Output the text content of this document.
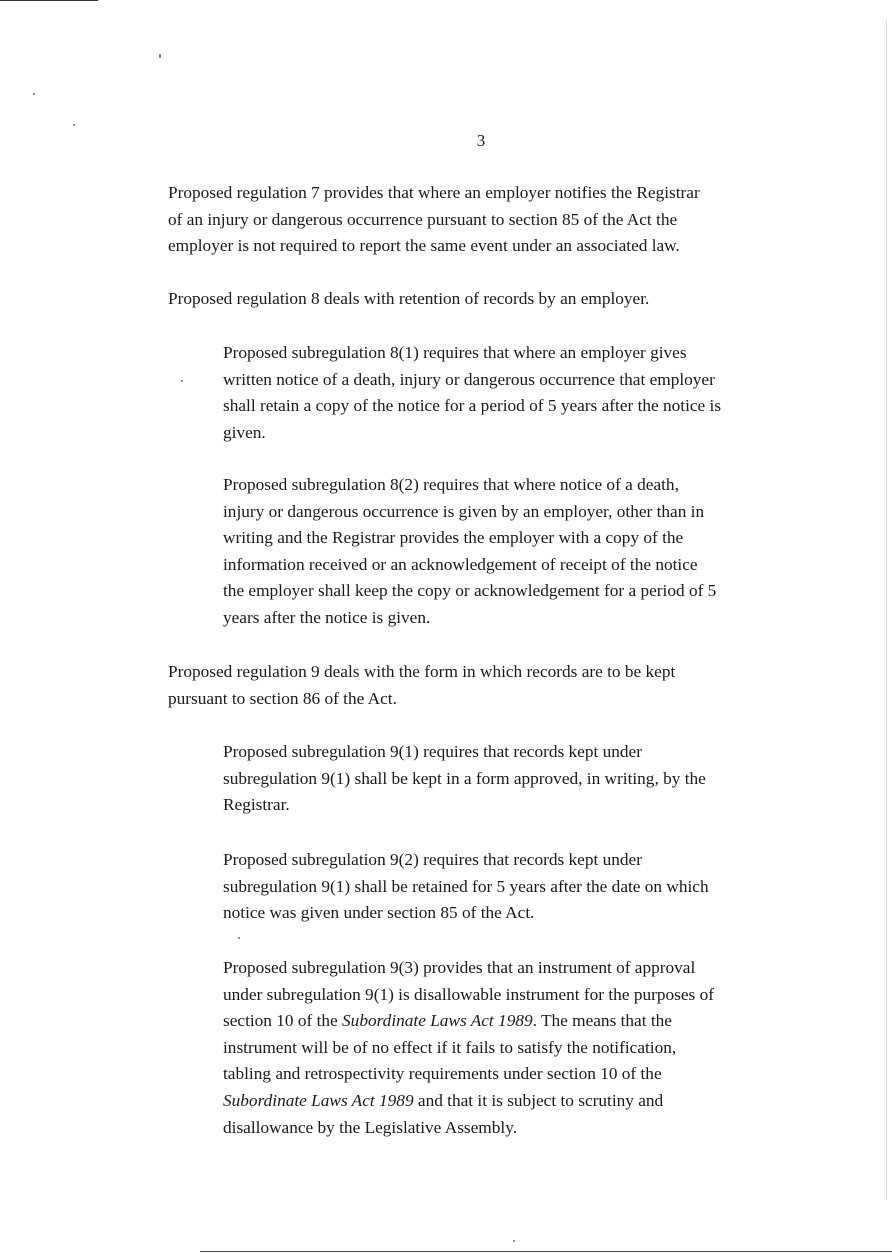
3

Proposed regulation 7 provides that where an employer notifies the Registrar
of an injury or dangerous occurrence pursuant to section 85 of the Act the
employer is not required to report the same event under an associated law.

Proposed regulation 8 deals with retention of records by an employer.

Proposed subregulation 8(1) requires that where an employer gives
written notice of a death, injury or dangerous occurrence that employer
shall retain a copy of the notice for a period of 5 years after the notice is
given.

Proposed subregulation 8(2) requires that where notice of a death,
injury or dangerous occurrence is given by an employer, other than in
writing and the Registrar provides the employer with a copy of the
information received or an acknowledgement of receipt of the notice
the employer shall keep the copy or acknowledgement for a period of 5
years after the notice is given.

Proposed regulation 9 deals with the form in which records are to be kept
pursuant to section 86 of the Act.

Proposed subregulation 9(1) requires that records kept under
subregulation 9(1) shall be kept in a form approved, in writing, by the
Registrar.

Proposed subregulation 9(2) requires that records kept under
subregulation 9(1) shall be retained for 5 years after the date on which
notice was given under section 85 of the Act.

Proposed subregulation 9(3) provides that an instrument of approval
under subregulation 9(1) is disallowable instrument for the purposes of
section 10 of the Subordinate Laws Act 1989. The means that the
instrument will be of no effect if it fails to satisfy the notification,
tabling and retrospectivity requirements under section 10 of the
Subordinate Laws Act 1989 and that it is subject to scrutiny and
disallowance by the Legislative Assembly.
